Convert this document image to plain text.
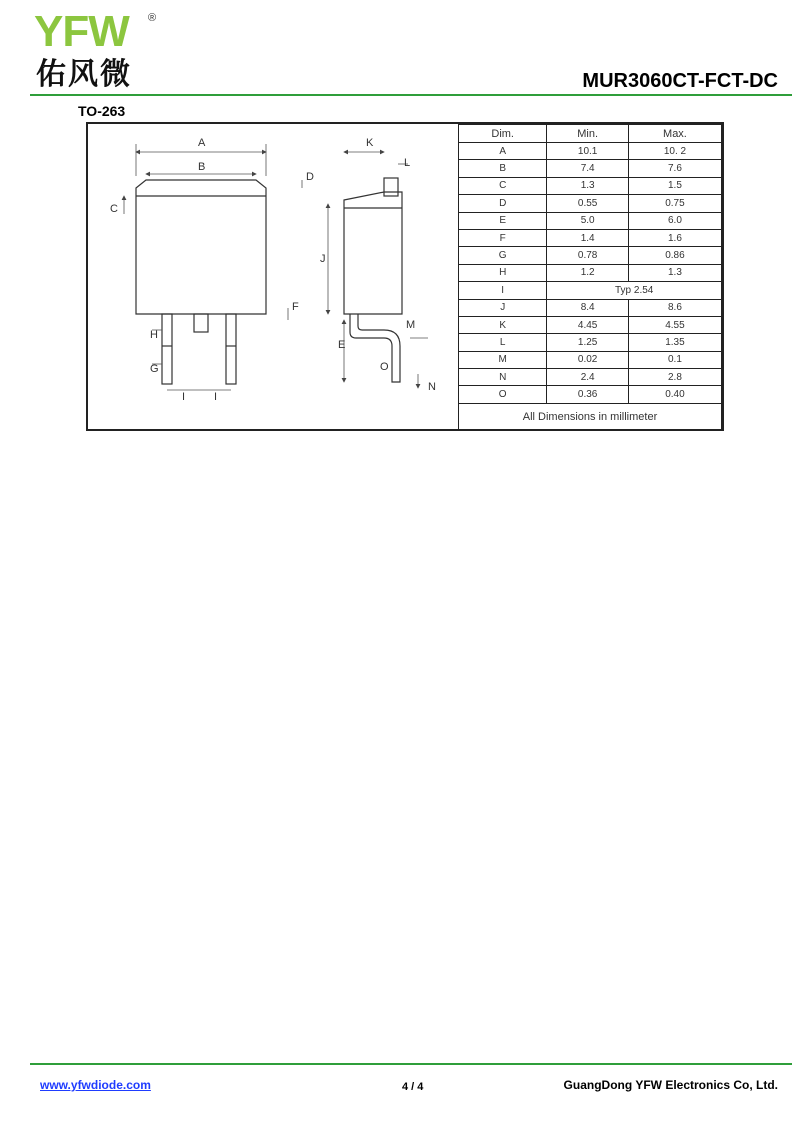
YFW ®
佑风微	MUR3060CT-FCT-DC
TO-263
A
B
C
D
E
F
G
H
I	I
J
K
L
M
N
O
Dim.	Min.	Max.
A	10.1	10. 2
B	7.4	7.6
C	1.3	1.5
D	0.55	0.75
E	5.0	6.0
F	1.4	1.6
G	0.78	0.86
H	1.2	1.3
I	Typ 2.54	
J	8.4	8.6
K	4.45	4.55
L	1.25	1.35
M	0.02	0.1
N	2.4	2.8
O	0.36	0.40
All Dimensions in millimeter		
www.yfwdiode.com	4 / 4	GuangDong YFW Electronics Co, Ltd.
